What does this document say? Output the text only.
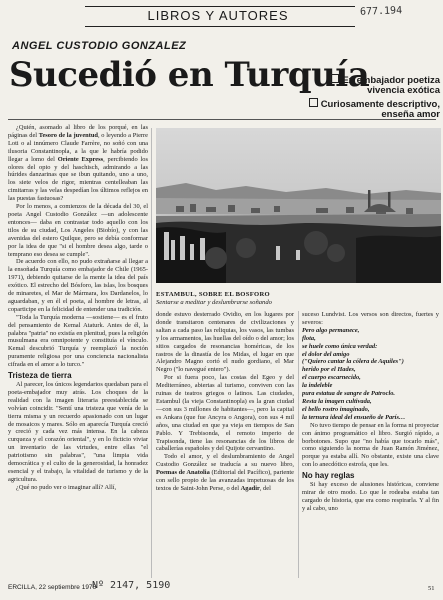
LIBROS Y AUTORES	677.194
ANGEL CUSTODIO GONZALEZ
Sucedió en Turquía
Ex embajador poetiza vivencia exótica
Curiosamente descriptivo, enseña amor

¿Quién, asomado al libro de los porqué, en las páginas del Tesoro de la juventud, o leyendo a Pierre Loti o al innúmero Claude Farrère, no soñó con una ilusoria Constantinopla, a la que le habría podido llegar a lomo del Oriente Express, percibiendo los olores del opio y del haschisch, admirando a las húrides danzarinas que se ibun quitando, uno a uno, los siete velos de rigor, mientras centelleaban las cimitarras y las velas despedían los últimos reflejos en las puestas fastuosas?

Por lo menos, a comienzos de la década del 30, el poeta Angel Custodio González —un adolescente entonces— daba en contrastar todo aquello con los tilos de su ciudad, Los Angeles (Biobío), y con las avenidas del estero Quilque, pero se debía conformar por la idea de que "si el hombre desea algo, tarde o temprano eso desea se cumple".

De acuerdo con ello, no pudo extrañarse al llegar a la ensoñada Turquía como embajador de Chile (1965-1971), debiendo quitarse de la mente la idea del país exótico. El estrecho del Bósforo, las islas, los bosques de minaretes, el Mar de Mármara, los Dardanelos, lo aguardaban, y en él el poeta, al hombre de letras, al coparticipe en la felicidad de entender una tradición.

"Toda la Turquía moderna —sostiene— es el fruto del pensamiento de Kemal Ataturk. Antes de él, la palabra "patria" no existía en plenitud, pues la religión musulmana era omnipotente y constituía el vínculo. Kemal descubrió Turquía y reemplazó la noción puramente religiosa por una conciencia nacionalista cifrada en el amor a lo turco."

Tristeza de tierra

Al parecer, los únicos legendarios quedaban para el poeta-embajador muy atrás. Los choques de la realidad con la imagen literaria preestablecida se volvían coincidir. "Sentí una tristeza que venía de la tierra misma y un recuerdo apasionado con un lugar de mosaicos y mares. Sólo en aparecía Turquía creció y creció y cada vez más intensa. En la cabeza curqueza y el corazón oriental", y en lo ficticio viviar un inventario de las virtudes, entre ellas "el patriotismo sin palabras", "una limpia vida democrática y el culto de la generosidad, la honradez esencial y el trabajo, la vitalidad de turismo y de la agricultura.

¿Qué no pudo ver o imaginar allí? Allí,

ESTAMBUL, SOBRE EL BOSFORO
Sentarse a meditar y deslumbrarse soñando

donde estuvo desterrado Ovidio, en los lugares por donde transitaron centenares de civilizaciones y saltan a cada paso las reliquias, los vasos, las tumbas y los armamentos, las huellas del oído o del amor; los sitios cargados de resonancias homéricas, de los rastros de la dinastía de los Midas, el lugar en que Alejandro Magno cortó el nudo gordiano, el Mar Negro ("lo navegué entero").

Por si fuera poco, las costas del Egeo y del Mediterráneo, abiertas al turismo, conviven con las ruinas de teatros griegos o latinos. Las ciudades, Estambul (la vieja Constantinopla) es la gran ciudad —con sus 3 millones de habitantes—, pero la capital es Ankara (que fue Ancyra o Angora), con sus 4 mil años, una ciudad en que ya vieja en tiempos de San Pablo. Y Trebisonda, el remoto imperio de Trapisonda, tiene las resonancias de los libros de caballerías españoles y del Quijote cervantino.

Todo el amor, y el deslumbramiento de Angel Custodio González se traducía a su nuevo libro, Poemas de Anatolia (Editorial del Pacífico), pariente con sello propio de las avanzadas impetuosas de los textos de Saint-John Perse, o del Agadir, del

suceso Lundvist. Los versos son directos, fuertes y severos:

Pero algo permanece,
flota,
se huele como única verdad:
el dolor del amigo
("Quiero cantar la cólera de Aquiles")
herido por el Hades,
el cuerpo escarnecido,
la indeleble
pura estatua de sangre de Patroclo.
Resta la imagen cultivada,
el bello rostro imaginado,
la ternura ideal del ensueño de París…

No tuvo tiempo de pensar en la forma ni proyectar con ánimo programático el libro. Surgió rápido, a borbotones. Supo que "no había que tocarlo más", como siguiendo la norma de Juan Ramón Jiménez, porque ya estaba allí. No obstante, existe una clave con lo anecdótico estrofa, que les.

No hay reglas

Si hay exceso de alusiones históricas, conviene mirar de otro modo. Lo que le rodeaba estaba tan cargado de historia, que era como respirarla. Y al fin y al cabo, uno

ERCILLA, 22 septiembre 1976
Nº 2147, 5190	51
